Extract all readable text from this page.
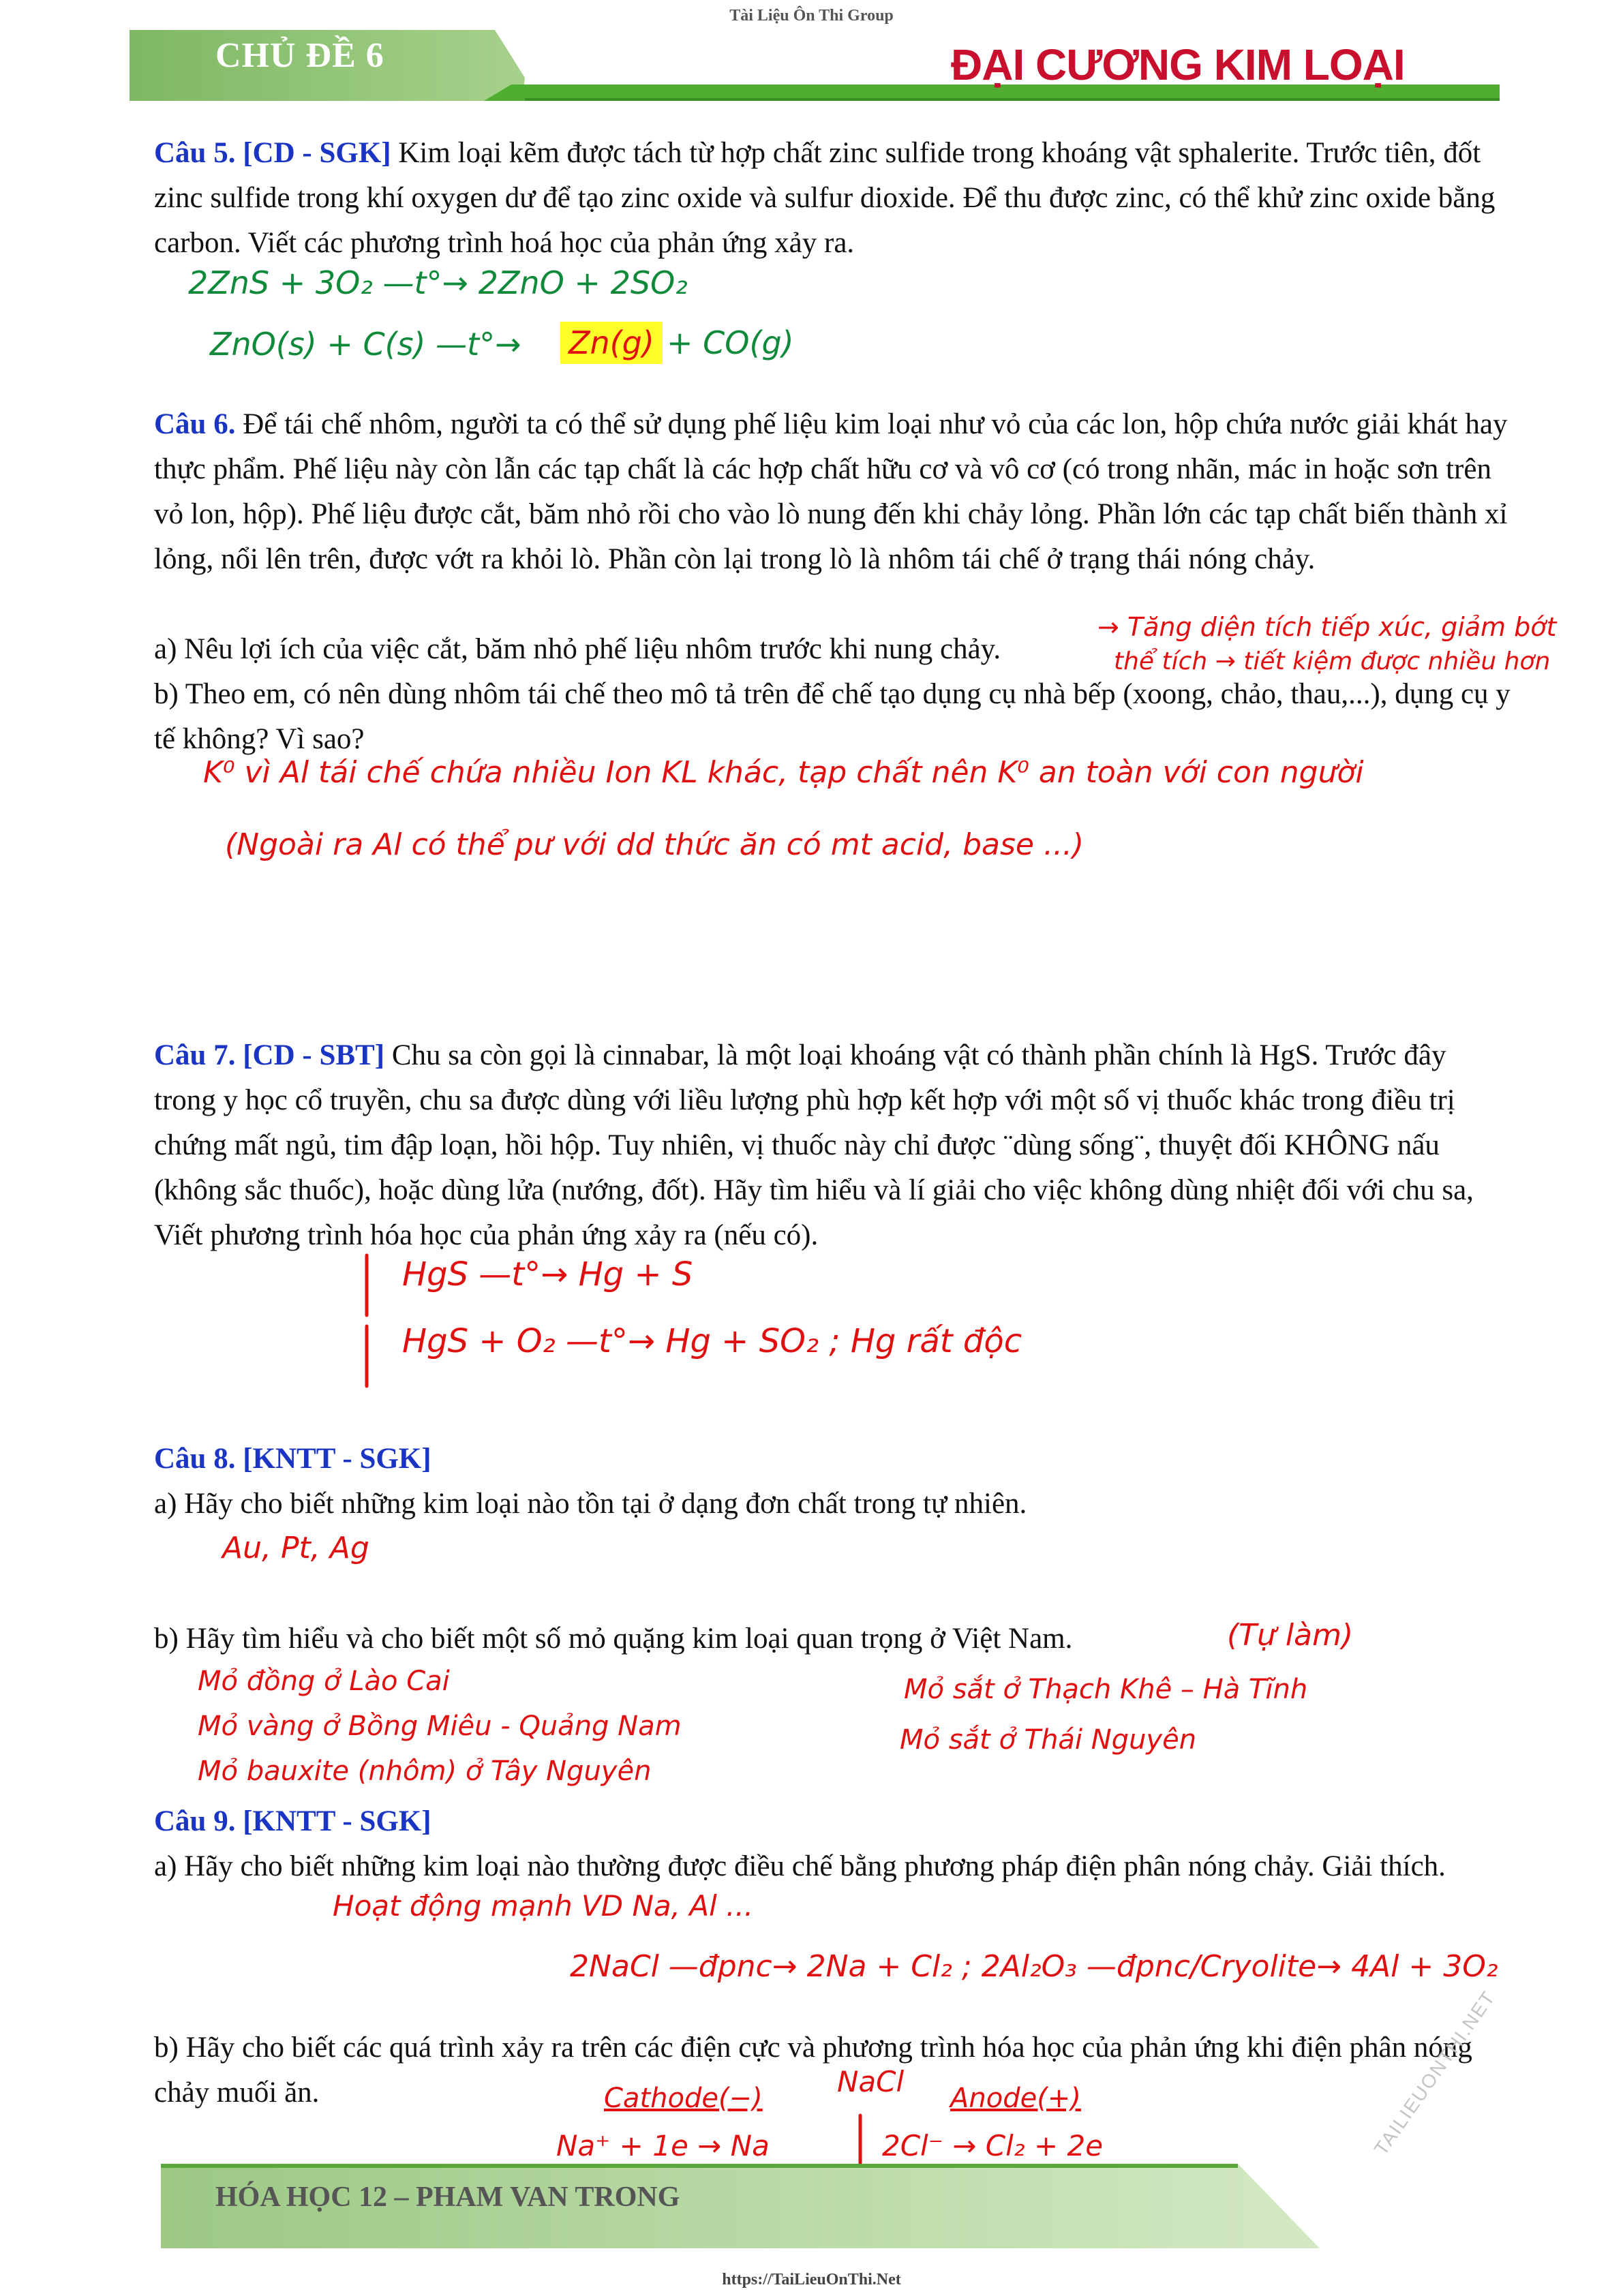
Tài Liệu Ôn Thi Group
CHỦ ĐỀ 6	ĐẠI CƯƠNG KIM LOẠI

Câu 5. [CD - SGK] Kim loại kẽm được tách từ hợp chất zinc sulfide trong khoáng vật sphalerite. Trước tiên, đốt zinc sulfide trong khí oxygen dư để tạo zinc oxide và sulfur dioxide. Để thu được zinc, có thể khử zinc oxide bằng carbon. Viết các phương trình hoá học của phản ứng xảy ra.

2ZnS + 3O₂ —t°→ 2ZnO + 2SO₂
ZnO(s) + C(s) —t°→ Zn(g) + CO(g)

Câu 6. Để tái chế nhôm, người ta có thể sử dụng phế liệu kim loại như vỏ của các lon, hộp chứa nước giải khát hay thực phẩm. Phế liệu này còn lẫn các tạp chất là các hợp chất hữu cơ và vô cơ (có trong nhãn, mác in hoặc sơn trên vỏ lon, hộp). Phế liệu được cắt, băm nhỏ rồi cho vào lò nung đến khi chảy lỏng. Phần lớn các tạp chất biến thành xỉ lỏng, nổi lên trên, được vớt ra khỏi lò. Phần còn lại trong lò là nhôm tái chế ở trạng thái nóng chảy.

a) Nêu lợi ích của việc cắt, băm nhỏ phế liệu nhôm trước khi nung chảy.

b) Theo em, có nên dùng nhôm tái chế theo mô tả trên để chế tạo dụng cụ nhà bếp (xoong, chảo, thau,...), dụng cụ y tế không? Vì sao?

→ Tăng diện tích tiếp xúc, giảm bớt
thể tích → tiết kiệm được nhiều hơn
K⁰ vì Al tái chế chứa nhiều Ion KL khác, tạp chất nên K⁰ an toàn với con người
(Ngoài ra Al có thể pư với dd thức ăn có mt acid, base ...)

Câu 7. [CD - SBT] Chu sa còn gọi là cinnabar, là một loại khoáng vật có thành phần chính là HgS. Trước đây trong y học cổ truyền, chu sa được dùng với liều lượng phù hợp kết hợp với một số vị thuốc khác trong điều trị chứng mất ngủ, tim đập loạn, hồi hộp. Tuy nhiên, vị thuốc này chỉ được ¨dùng sống¨, thuyệt đối KHÔNG nấu (không sắc thuốc), hoặc dùng lửa (nướng, đốt). Hãy tìm hiểu và lí giải cho việc không dùng nhiệt đối với chu sa, Viết phương trình hóa học của phản ứng xảy ra (nếu có).

HgS —t°→ Hg + S
HgS + O₂ —t°→ Hg + SO₂ ; Hg rất độc

Câu 8. [KNTT - SGK]

a) Hãy cho biết những kim loại nào tồn tại ở dạng đơn chất trong tự nhiên.

Au, Pt, Ag

b) Hãy tìm hiểu và cho biết một số mỏ quặng kim loại quan trọng ở Việt Nam.	(Tự làm)
Mỏ đồng ở Lào Cai
Mỏ vàng ở Bồng Miêu - Quảng Nam
Mỏ bauxite (nhôm) ở Tây Nguyên
Mỏ sắt ở Thạch Khê – Hà Tĩnh
Mỏ sắt ở Thái Nguyên

Câu 9. [KNTT - SGK]

a) Hãy cho biết những kim loại nào thường được điều chế bằng phương pháp điện phân nóng chảy. Giải thích.

Hoạt động mạnh VD Na, Al ...
2NaCl —đpnc→ 2Na + Cl₂ ; 2Al₂O₃ —đpnc/Cryolite→ 4Al + 3O₂

b) Hãy cho biết các quá trình xảy ra trên các điện cực và phương trình hóa học của phản ứng khi điện phân nóng chảy muối ăn.	Cathode(−)	NaCl Anode(+)
Na⁺ + 1e → Na	2Cl⁻ → Cl₂ + 2e
HÓA HỌC 12 – PHAM VAN TRONG
TAILIEUONTHI.NET
https://TaiLieuOnThi.Net
